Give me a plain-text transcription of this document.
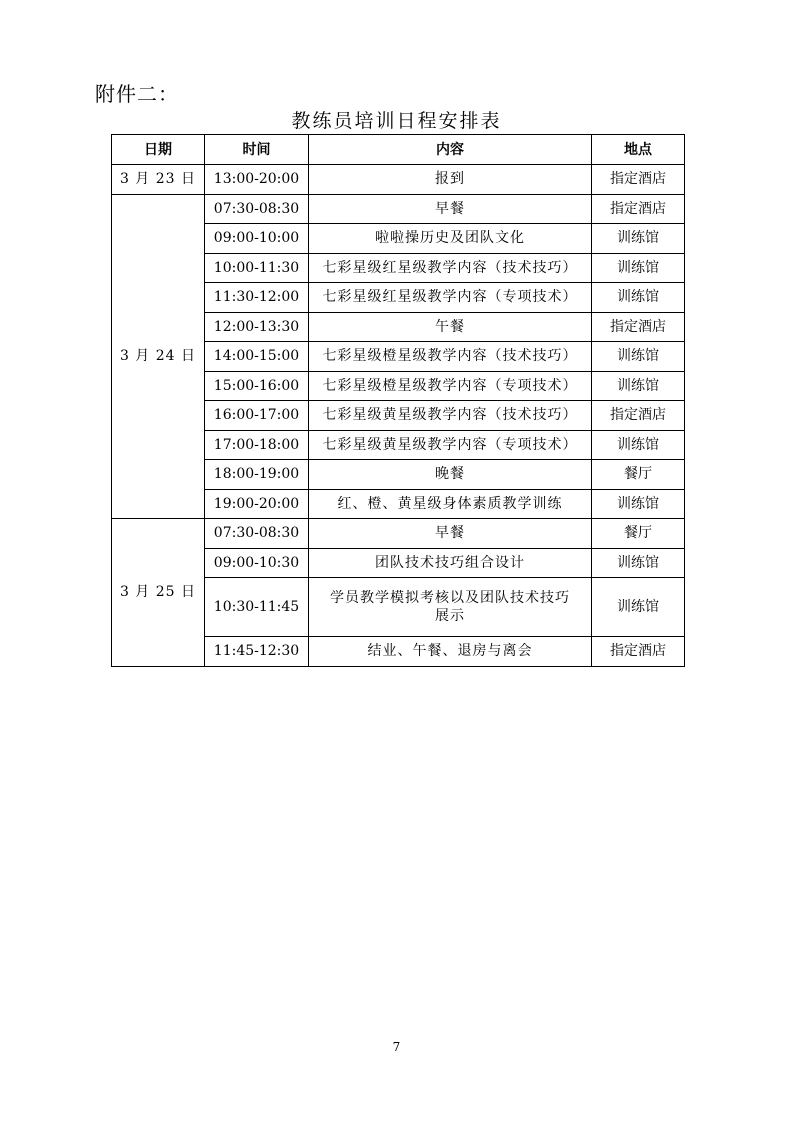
附件二：
教练员培训日程安排表
日期	时间	内容	地点
3 月 23 日	13:00-20:00	报到	指定酒店
3 月 24 日	07:30-08:30	早餐	指定酒店
	09:00-10:00	啦啦操历史及团队文化	训练馆
	10:00-11:30	七彩星级红星级教学内容（技术技巧）	训练馆
	11:30-12:00	七彩星级红星级教学内容（专项技术）	训练馆
	12:00-13:30	午餐	指定酒店
	14:00-15:00	七彩星级橙星级教学内容（技术技巧）	训练馆
	15:00-16:00	七彩星级橙星级教学内容（专项技术）	训练馆
	16:00-17:00	七彩星级黄星级教学内容（技术技巧）	指定酒店
	17:00-18:00	七彩星级黄星级教学内容（专项技术）	训练馆
	18:00-19:00	晚餐	餐厅
	19:00-20:00	红、橙、黄星级身体素质教学训练	训练馆
3 月 25 日	07:30-08:30	早餐	餐厅
	09:00-10:30	团队技术技巧组合设计	训练馆
	10:30-11:45	学员教学模拟考核以及团队技术技巧展示	训练馆
	11:45-12:30	结业、午餐、退房与离会	指定酒店
7
